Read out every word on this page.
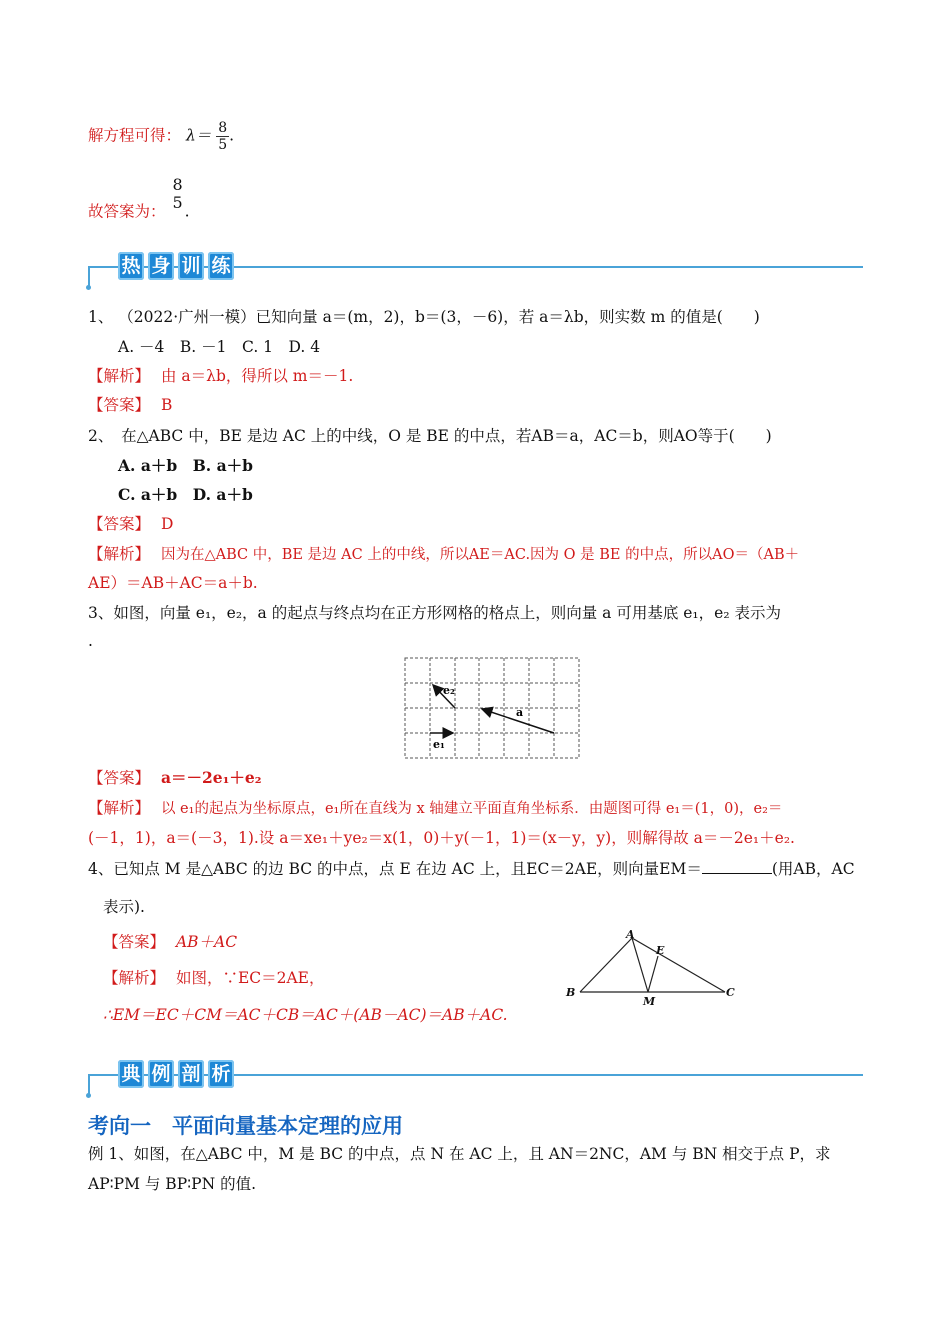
解方程可得： $\lambda= \frac{8}{5}$ .
故答案为：
8
5 .
热 身 训 练
1、 （2022·广州一模）已知向量 a＝(m，2)，b＝(3，－6)，若 a＝λb，则实数 m 的值是(　　)
A. －4　B. －1　C. 1　D. 4
【解析】 由 a＝λb，得所以 m＝－1.
【答案】 B
2、　在△ABC 中，BE 是边 AC 上的中线，O 是 BE 的中点，若AB＝a，AC＝b，则AO等于(　　)
A. a＋b　B. a＋b
C. a＋b　D. a＋b
【答案】 D
【解析】 因为在△ABC 中，BE 是边 AC 上的中线，所以AE＝AC.因为 O 是 BE 的中点，所以AO＝（AB＋
AE）＝AB＋AC＝a＋b.
3、如图，向量 e₁，e₂，a 的起点与终点均在正方形网格的格点上，则向量 a 可用基底 e₁，e₂ 表示为
.
e₁
e₂
a
【答案】 a＝－2e₁＋e₂
【解析】 以 e₁的起点为坐标原点，e₁所在直线为 x 轴建立平面直角坐标系．由题图可得 e₁＝(1，0)，e₂＝
(－1，1)，a＝(－3，1).设 a＝xe₁＋ye₂＝x(1，0)＋y(－1，1)＝(x－y，y)，则解得故 a＝－2e₁＋e₂.
4、已知点 M 是△ABC 的边 BC 的中点，点 E 在边 AC 上，且EC＝2AE，则向量EM＝	(用AB，AC
表示).
【答案】 AB＋AC
【解析】 如图，∵EC＝2AE，
∴EM＝EC＋CM＝AC＋CB＝AC＋(AB－AC)＝AB＋AC.
A
E
B
M
C
典 例 剖 析
考向一　平面向量基本定理的应用
例 1、如图，在△ABC 中，M 是 BC 的中点，点 N 在 AC 上，且 AN＝2NC，AM 与 BN 相交于点 P，求
AP∶PM 与 BP∶PN 的值.
